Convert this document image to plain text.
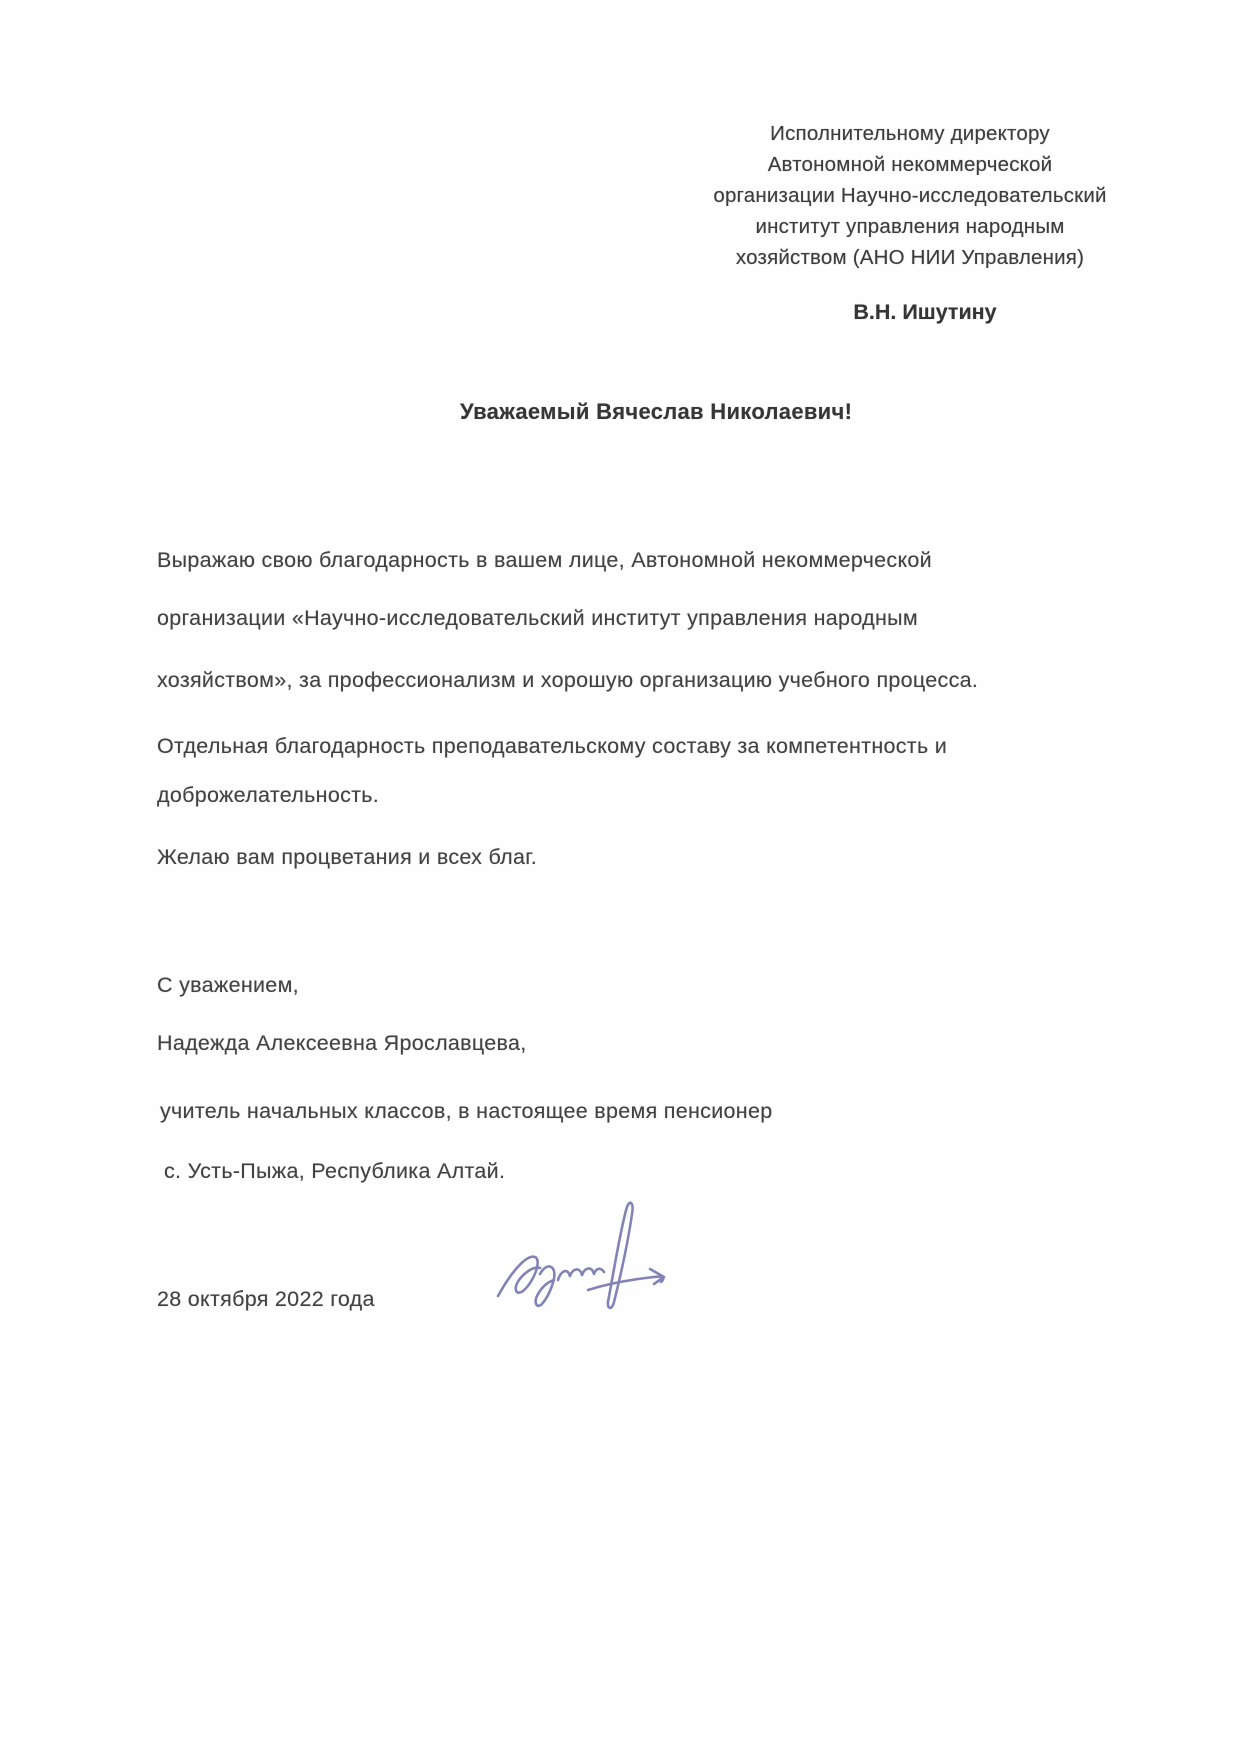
Исполнительному директору
Автономной некоммерческой
организации Научно-исследовательский
институт управления народным
хозяйством (АНО НИИ Управления)
В.Н. Ишутину
Уважаемый Вячеслав Николаевич!
Выражаю свою благодарность в вашем лице, Автономной некоммерческой
организации «Научно-исследовательский институт управления народным
хозяйством», за профессионализм и хорошую организацию учебного процесса.
Отдельная благодарность преподавательскому составу за компетентность и
доброжелательность.
Желаю вам процветания и всех благ.
С уважением,
Надежда Алексеевна Ярославцева,
учитель начальных классов, в настоящее время пенсионер
с. Усть-Пыжа, Республика Алтай.
28 октября 2022 года
